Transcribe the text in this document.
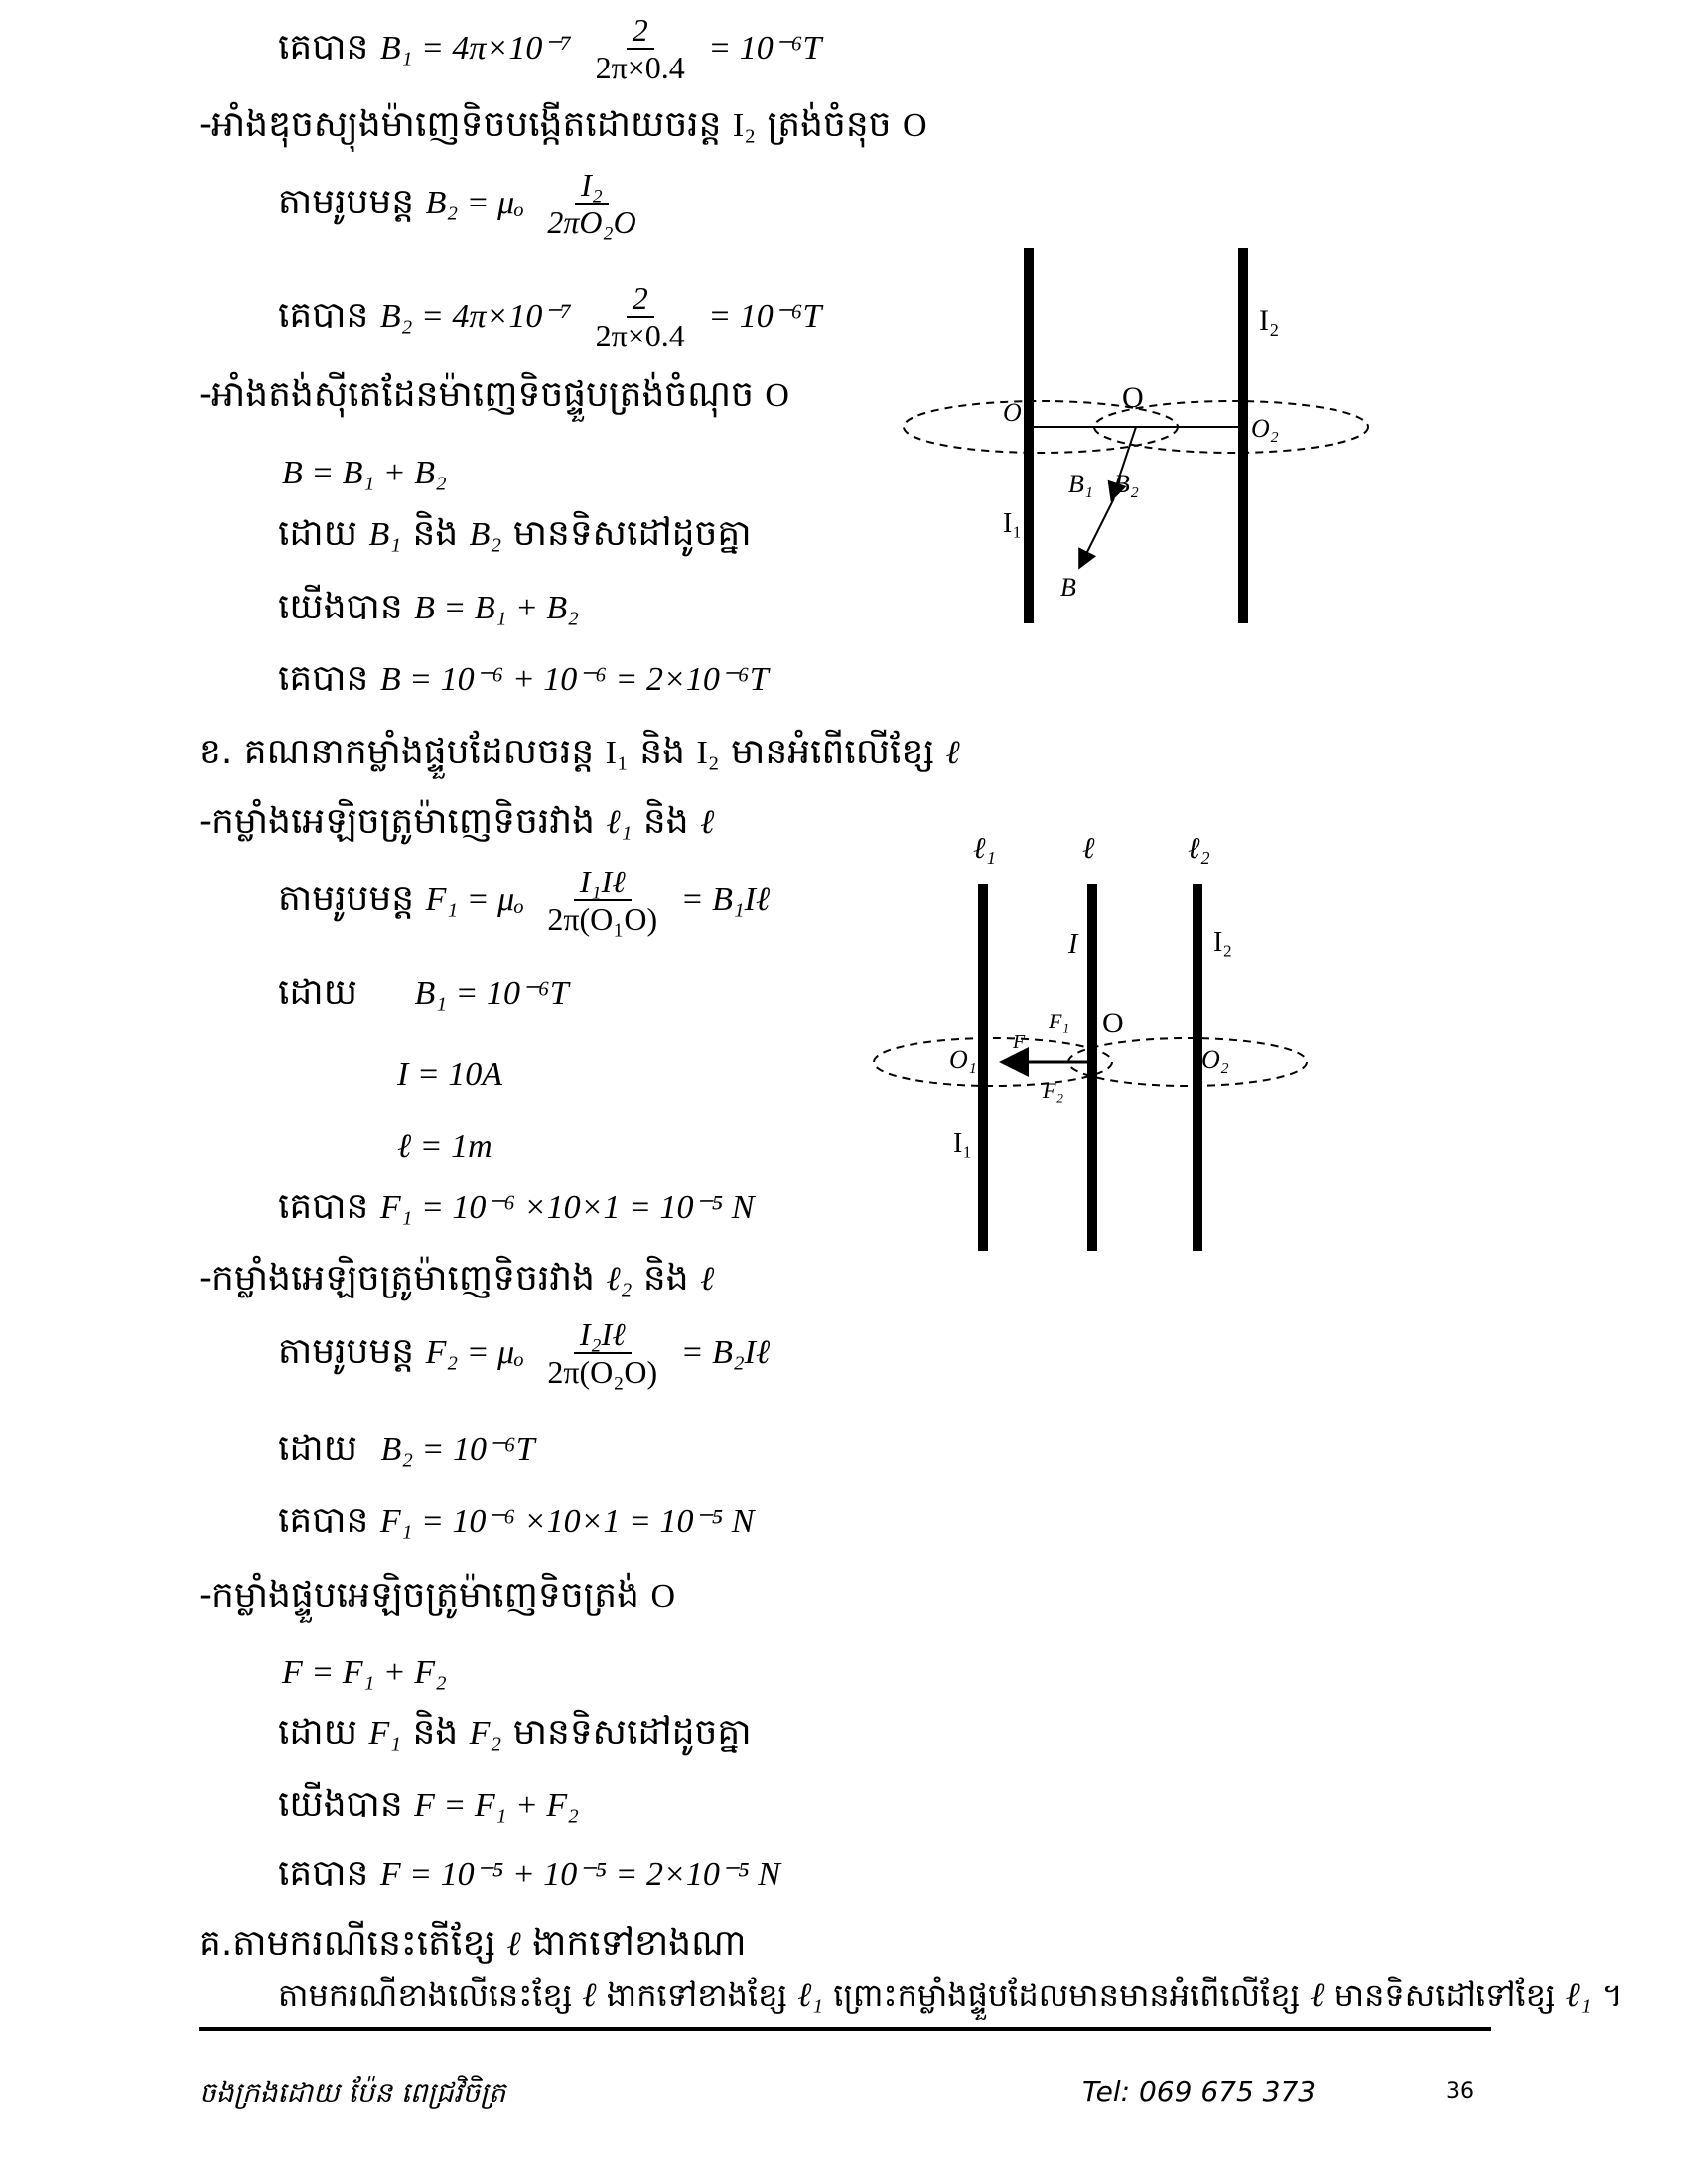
គេបាន $B_1 = 4\pi\times 10^{-7} \frac{2}{2\pi\times 0.4} = 10^{-6}T$
-អាំងឌុចស្យុងម៉ាញេទិចបង្កើតដោយចរន្ត I₂ ត្រង់ចំនុច O
តាមរូបមន្ត B₂ = μₒ $\frac{\text{I₂}}{\text{2πO₂O}}$
គេបាន $B_2 = 4\pi\times 10^{-7} \frac{2}{2\pi\times 0.4} = 10^{-6}T$
-អាំងតង់ស៊ីតេដែនម៉ាញេទិចផ្ទួបត្រង់ចំណុច O
B = B₁ + B₂
ដោយ B₁ និង B₂ មានទិសដៅដូចគ្នា
យើងបាន B = B₁ + B₂
គេបាន B = 10⁻⁶ + 10⁻⁶ = 2×10⁻⁶T
ខ. គណនាកម្លាំងផ្ទួបដែលចរន្ត I₁ និង I₂ មានអំពើលើខ្សែ ℓ
-កម្លាំងអេឡិចត្រូម៉ាញេទិចរវាង ℓ₁ និង ℓ
តាមរូបមន្ត F₁ = μₒ $\frac{\text{I₁Iℓ}}{\text{2π(O₁O)}}$ = B₁Iℓ
ដោយ B₁ = 10⁻⁶T
I = 10A
ℓ = 1m
គេបាន F₁ = 10⁻⁶ ×10×1 = 10⁻⁵ N
-កម្លាំងអេឡិចត្រូម៉ាញេទិចរវាង ℓ₂ និង ℓ
តាមរូបមន្ត F₂ = μₒ $\frac{\text{I₂Iℓ}}{\text{2π(O₂O)}}$ = B₂Iℓ
ដោយ B₂ = 10⁻⁶T
គេបាន F₁ = 10⁻⁶ ×10×1 = 10⁻⁵ N
-កម្លាំងផ្ទួបអេឡិចត្រូម៉ាញេទិចត្រង់ O
F = F₁ + F₂
ដោយ F₁ និង F₂ មានទិសដៅដូចគ្នា
យើងបាន F = F₁ + F₂
គេបាន F = 10⁻⁵ + 10⁻⁵ = 2×10⁻⁵ N
គ.តាមករណីនេះតើខ្សែ ℓ ងាកទៅខាងណា
តាមករណីខាងលើនេះខ្សែ ℓ ងាកទៅខាងខ្សែ ℓ₁ ព្រោះកម្លាំងផ្ទួបដែលមានមានអំពើលើខ្សែ ℓ មានទិសដៅទៅខ្សែ ℓ₁ ។
ចងក្រងដោយ ប៉ែន ពេជ្រវិចិត្រ	Tel: 069 675 373	36
I₂
O
O
O₂
B₁ B₂
I₁
B
ℓ₁	ℓ	ℓ₂
I	I₂
O
O₁	O₂
F
F₁
F₂
I₁
